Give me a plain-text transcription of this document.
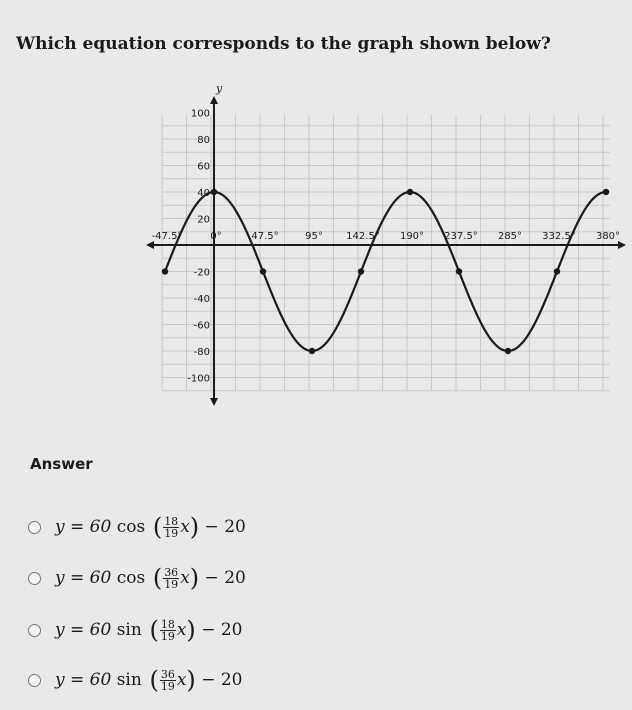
Which equation corresponds to the graph shown below?
y
-100
-80
-60
-40
-20
20
40
60
80
100
-47.5°	0°	47.5°	95° 142.5° 190° 237.5° 285° 332.5° 380°
Answer
y = 60 cos ( $\frac{18}{19}$ x ) − 20
y = 60 cos ( $\frac{36}{19}$ x ) − 20
y = 60 sin ( $\frac{18}{19}$ x ) − 20
y = 60 sin ( $\frac{36}{19}$ x ) − 20
